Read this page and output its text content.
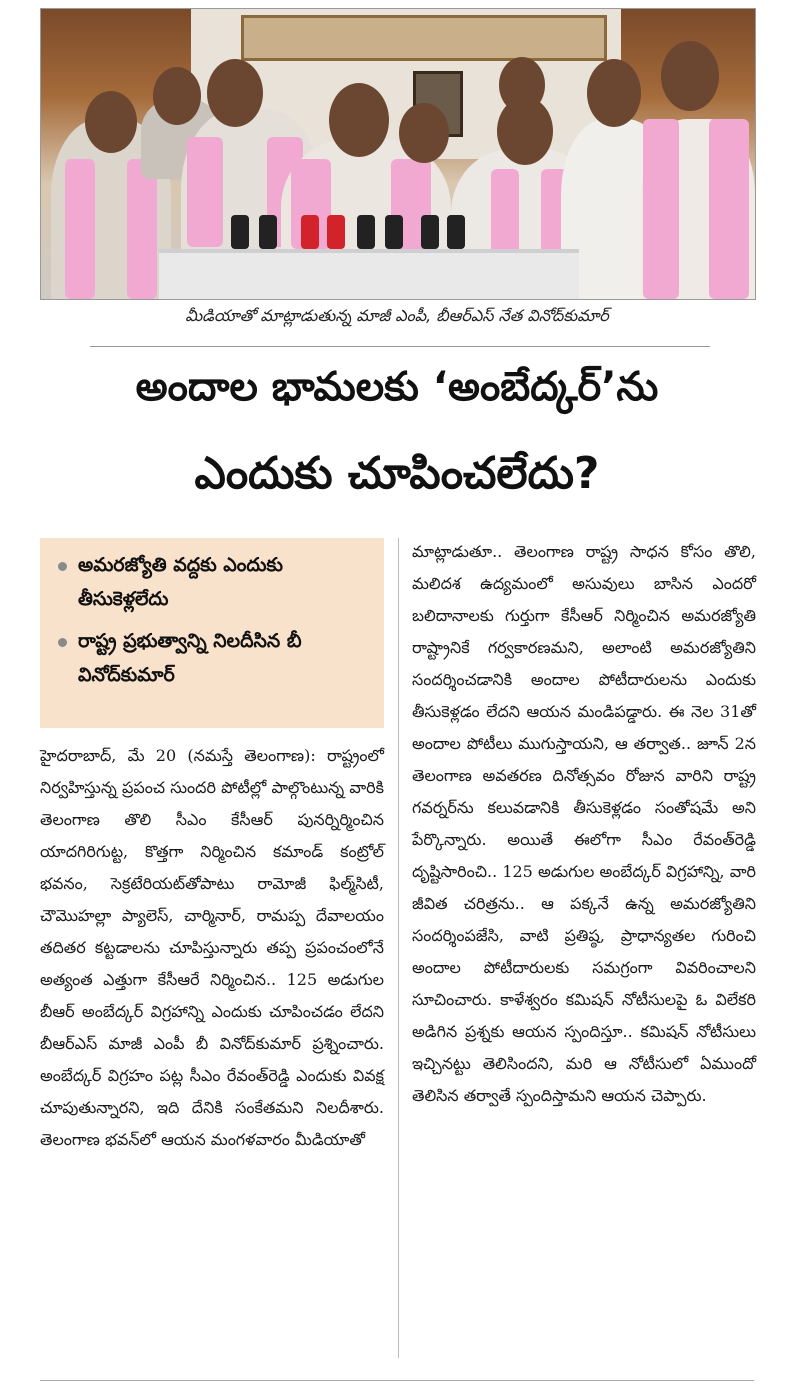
మీడియాతో మాట్లాడుతున్న మాజీ ఎంపీ, బీఆర్ఎస్ నేత వినోద్‌కుమార్
అందాల భామలకు ‘అంబేద్కర్’ను
ఎందుకు చూపించలేదు?
అమరజ్యోతి వద్దకు ఎందుకు తీసుకెళ్లలేదు
రాష్ట్ర ప్రభుత్వాన్ని నిలదీసిన బీ వినోద్‌కుమార్
హైదరాబాద్, మే 20 (నమస్తే తెలంగాణ): రాష్ట్రంలో నిర్వహిస్తున్న ప్రపంచ సుందరి పోటీల్లో పాల్గొంటున్న వారికి తెలంగాణ తొలి సీఎం కేసీఆర్ పునర్నిర్మించిన యాదగిరిగుట్ట, కొత్తగా నిర్మించిన కమాండ్ కంట్రోల్ భవనం, సెక్రటేరియట్‌తోపాటు రామోజీ ఫిల్మ్‌సిటీ, చౌమొహల్లా ప్యాలెస్, చార్మినార్, రామప్ప దేవాలయం తదితర కట్టడాలను చూపిస్తున్నారు తప్ప ప్రపంచంలోనే అత్యంత ఎత్తుగా కేసీఆరే నిర్మించిన.. 125 అడుగుల బీఆర్ అంబేద్కర్ విగ్రహాన్ని ఎందుకు చూపించడం లేదని బీఆర్ఎస్ మాజీ ఎంపీ బీ వినోద్‌కుమార్ ప్రశ్నించారు. అంబేద్కర్ విగ్రహం పట్ల సీఎం రేవంత్‌రెడ్డి ఎందుకు వివక్ష చూపుతున్నారని, ఇది దేనికి సంకేతమని నిలదీశారు. తెలంగాణ భవన్‌లో ఆయన మంగళవారం మీడియాతో
మాట్లాడుతూ.. తెలంగాణ రాష్ట్ర సాధన కోసం తొలి, మలిదశ ఉద్యమంలో అసువులు బాసిన ఎందరో బలిదానాలకు గుర్తుగా కేసీఆర్ నిర్మించిన అమరజ్యోతి రాష్ట్రానికే గర్వకారణమని, అలాంటి అమరజ్యోతిని సందర్శించడానికి అందాల పోటీదారులను ఎందుకు తీసుకెళ్లడం లేదని ఆయన మండిపడ్డారు. ఈ నెల 31తో అందాల పోటీలు ముగుస్తాయని, ఆ తర్వాత.. జూన్ 2న తెలంగాణ అవతరణ దినోత్సవం రోజున వారిని రాష్ట్ర గవర్నర్‌ను కలువడానికి తీసుకెళ్లడం సంతోషమే అని పేర్కొన్నారు. అయితే ఈలోగా సీఎం రేవంత్‌రెడ్డి దృష్టిసారించి.. 125 అడుగుల అంబేద్కర్ విగ్రహాన్ని, వారి జీవిత చరిత్రను.. ఆ పక్కనే ఉన్న అమరజ్యోతిని సందర్శింపజేసి, వాటి ప్రతిష్ఠ, ప్రాధాన్యతల గురించి అందాల పోటీదారులకు సమగ్రంగా వివరించాలని సూచించారు. కాళేశ్వరం కమిషన్ నోటీసులపై ఓ విలేకరి అడిగిన ప్రశ్నకు ఆయన స్పందిస్తూ.. కమిషన్ నోటీసులు ఇచ్చినట్టు తెలిసిందని, మరి ఆ నోటీసులో ఏముందో తెలిసిన తర్వాతే స్పందిస్తామని ఆయన చెప్పారు.
